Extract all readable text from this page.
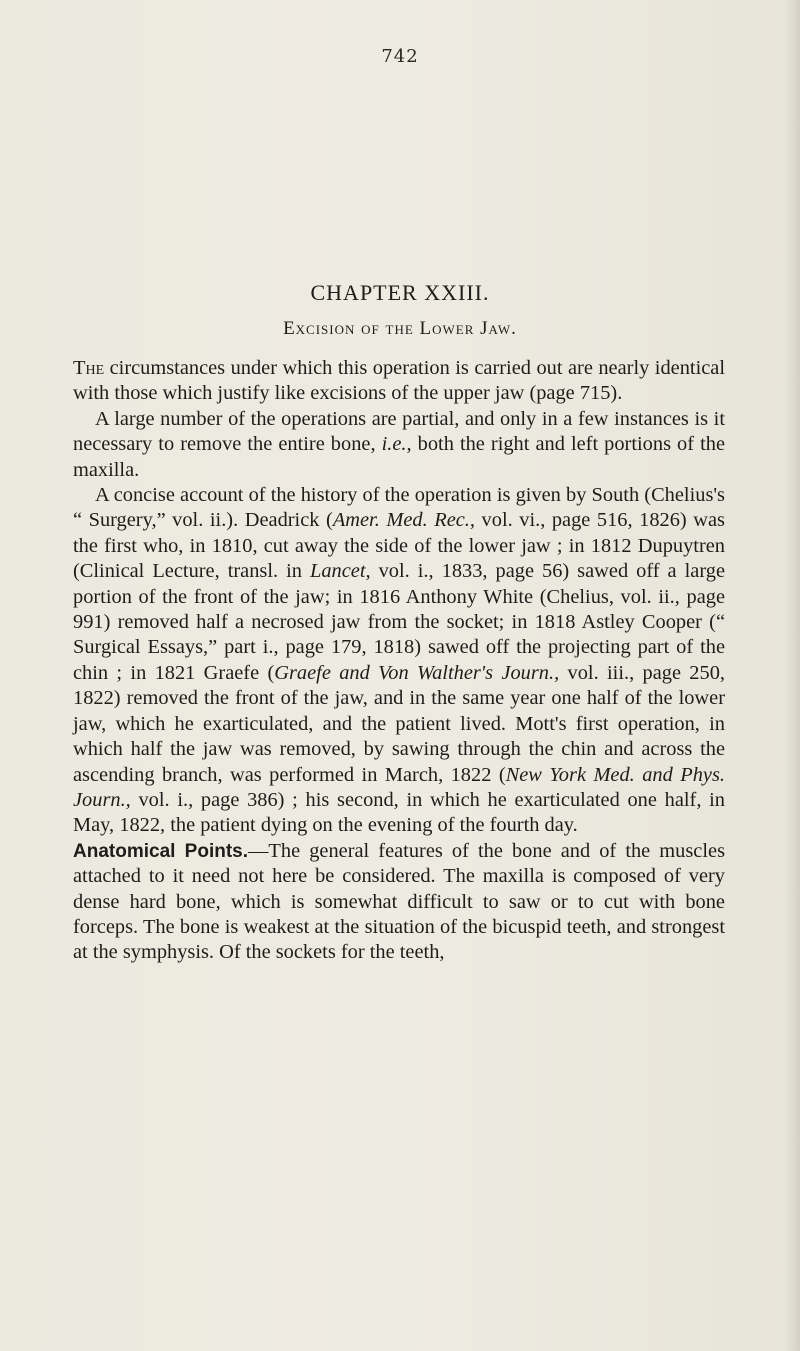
742
CHAPTER XXIII.
Excision of the Lower Jaw.

The circumstances under which this operation is carried out are nearly identical with those which justify like excisions of the upper jaw (page 715).

A large number of the operations are partial, and only in a few instances is it necessary to remove the entire bone, i.e., both the right and left portions of the maxilla.

A concise account of the history of the operation is given by South (Chelius's “ Surgery,” vol. ii.). Deadrick (Amer. Med. Rec., vol. vi., page 516, 1826) was the first who, in 1810, cut away the side of the lower jaw ; in 1812 Dupuytren (Clinical Lecture, transl. in Lancet, vol. i., 1833, page 56) sawed off a large portion of the front of the jaw; in 1816 Anthony White (Chelius, vol. ii., page 991) removed half a necrosed jaw from the socket; in 1818 Astley Cooper (“ Surgical Essays,” part i., page 179, 1818) sawed off the projecting part of the chin ; in 1821 Graefe (Graefe and Von Walther's Journ., vol. iii., page 250, 1822) removed the front of the jaw, and in the same year one half of the lower jaw, which he exarticulated, and the patient lived. Mott's first operation, in which half the jaw was removed, by sawing through the chin and across the ascending branch, was performed in March, 1822 (New York Med. and Phys. Journ., vol. i., page 386) ; his second, in which he exarticulated one half, in May, 1822, the patient dying on the evening of the fourth day.

Anatomical Points.—The general features of the bone and of the muscles attached to it need not here be considered. The maxilla is composed of very dense hard bone, which is somewhat difficult to saw or to cut with bone forceps. The bone is weakest at the situation of the bicuspid teeth, and strongest at the symphysis. Of the sockets for the teeth,
